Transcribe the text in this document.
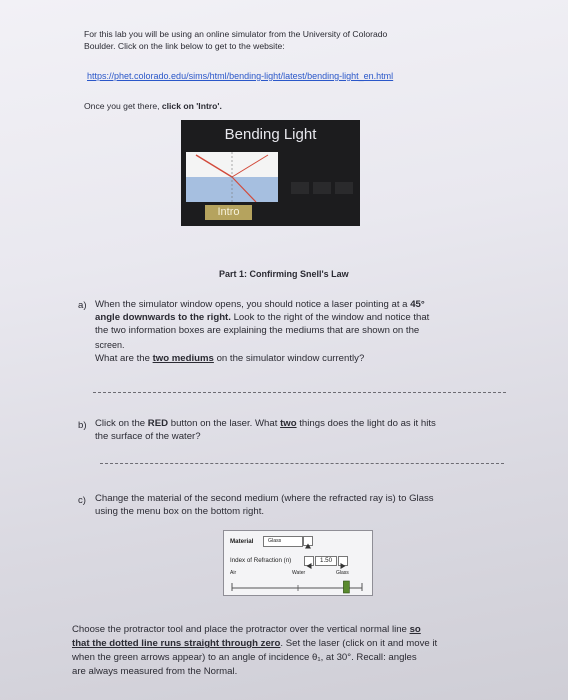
For this lab you will be using an online simulator from the University of Colorado
Boulder. Click on the link below to get to the website:
https://phet.colorado.edu/sims/html/bending-light/latest/bending-light_en.html
Once you get there, click on 'Intro'.
Bending Light
Intro
Part 1: Confirming Snell's Law
a) When the simulator window opens, you should notice a laser pointing at a 45°
angle downwards to the right. Look to the right of the window and notice that
the two information boxes are explaining the mediums that are shown on the
screen.
What are the two mediums on the simulator window currently?
b) Click on the RED button on the laser. What two things does the light do as it hits
the surface of the water?
c) Change the material of the second medium (where the refracted ray is) to Glass
using the menu box on the bottom right.
Material	Glass
Index of Refraction (n)	1.50
Air	Water	Glass
Choose the protractor tool and place the protractor over the vertical normal line so
that the dotted line runs straight through zero. Set the laser (click on it and move it
when the green arrows appear) to an angle of incidence θ₁, at 30°. Recall: angles
are always measured from the Normal.
